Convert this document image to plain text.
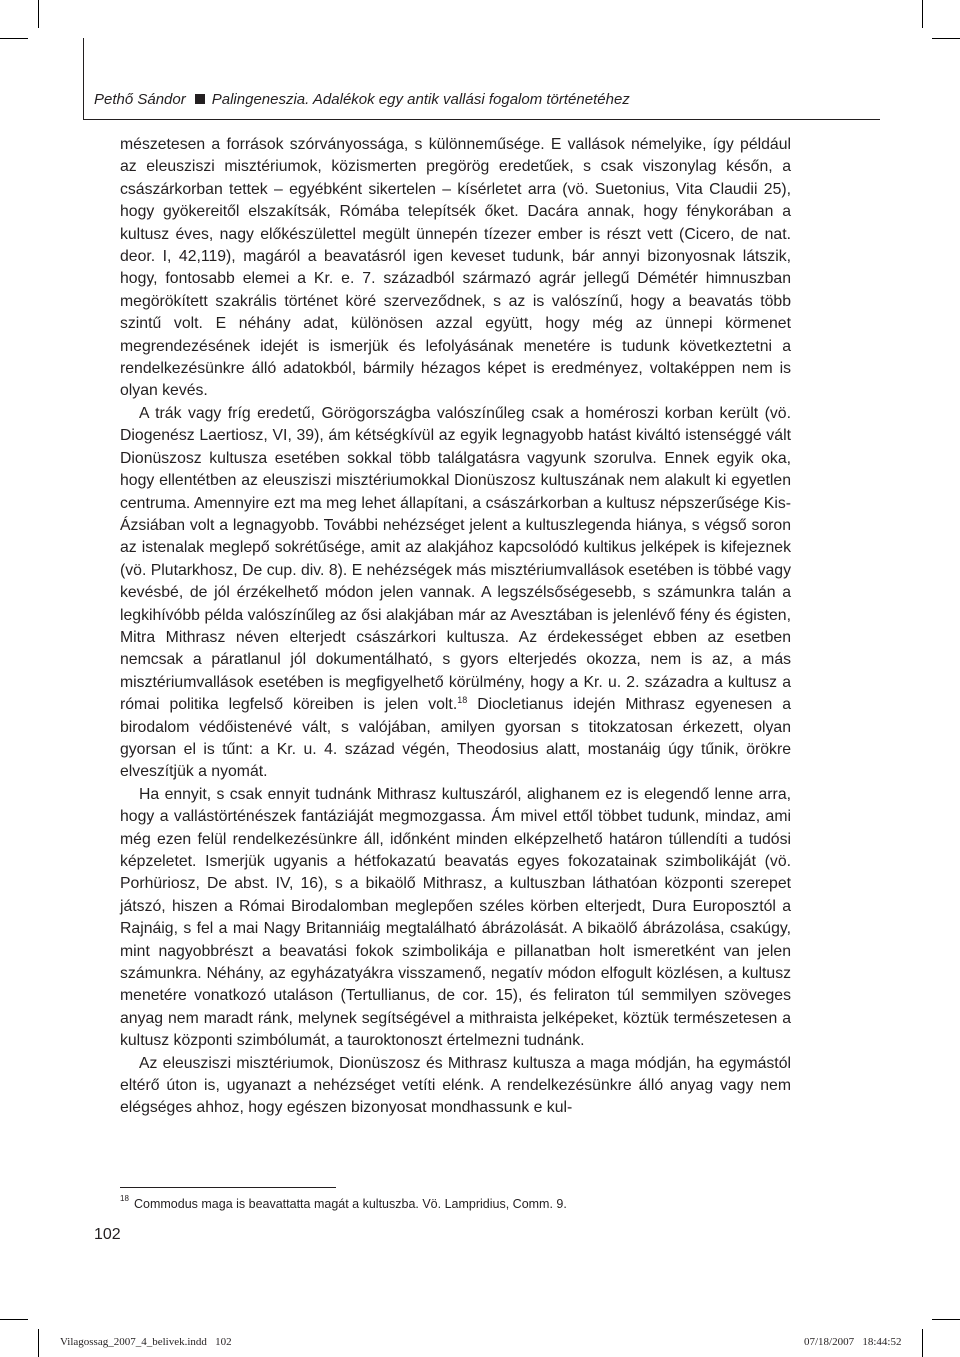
Pethő Sándor Palingeneszia. Adalékok egy antik vallási fogalom történetéhez

mészetesen a források szórványossága, s különneműsége. E vallások némelyike, így például az eleusziszi misztériumok, közismerten pregörög eredetűek, s csak viszonylag későn, a császárkorban tettek – egyébként sikertelen – kísérletet arra (vö. Suetonius, Vita Claudii 25), hogy gyökereitől elszakítsák, Rómába telepítsék őket. Dacára annak, hogy fénykorában a kultusz éves, nagy előkészülettel megült ünnepén tízezer ember is részt vett (Cicero, de nat. deor. I, 42,119), magáról a beavatásról igen keveset tudunk, bár annyi bizonyosnak látszik, hogy, fontosabb elemei a Kr. e. 7. századból származó agrár jellegű Démétér himnuszban megörökített szakrális történet köré szerveződnek, s az is valószínű, hogy a beavatás több szintű volt. E néhány adat, különösen azzal együtt, hogy még az ünnepi körmenet megrendezésének idejét is ismerjük és lefolyásának menetére is tudunk következtetni a rendelkezésünkre álló adatokból, bármily hézagos képet is eredményez, voltaképpen nem is olyan kevés.

A trák vagy fríg eredetű, Görögországba valószínűleg csak a homéroszi korban került (vö. Diogenész Laertiosz, VI, 39), ám kétségkívül az egyik legnagyobb hatást kiváltó istenséggé vált Dionüszosz kultusza esetében sokkal több találgatásra vagyunk szorulva. Ennek egyik oka, hogy ellentétben az eleusziszi misztériumokkal Dionüszosz kultuszának nem alakult ki egyetlen centruma. Amennyire ezt ma meg lehet állapítani, a császárkorban a kultusz népszerűsége Kis-Ázsiában volt a legnagyobb. További nehézséget jelent a kultuszlegenda hiánya, s végső soron az istenalak meglepő sokrétűsége, amit az alakjához kapcsolódó kultikus jelképek is kifejeznek (vö. Plutarkhosz, De cup. div. 8). E nehézségek más misztériumvallások esetében is többé vagy kevésbé, de jól érzékelhető módon jelen vannak. A legszélsőségesebb, s számunkra talán a legkihívóbb példa valószínűleg az ősi alakjában már az Avesztában is jelenlévő fény és égisten, Mitra Mithrasz néven elterjedt császárkori kultusza. Az érdekességet ebben az esetben nemcsak a páratlanul jól dokumentálható, s gyors elterjedés okozza, nem is az, a más misztériumvallások esetében is megfigyelhető körülmény, hogy a Kr. u. 2. századra a kultusz a római politika legfelső köreiben is jelen volt.$^{18}$ Diocletianus idején Mithrasz egyenesen a birodalom védőistenévé vált, s valójában, amilyen gyorsan s titokzatosan érkezett, olyan gyorsan el is tűnt: a Kr. u. 4. század végén, Theodosius alatt, mostanáig úgy tűnik, örökre elveszítjük a nyomát.

Ha ennyit, s csak ennyit tudnánk Mithrasz kultuszáról, alighanem ez is elegendő lenne arra, hogy a vallástörténészek fantáziáját megmozgassa. Ám mivel ettől többet tudunk, mindaz, ami még ezen felül rendelkezésünkre áll, időnként minden elképzelhető határon túllendíti a tudósi képzeletet. Ismerjük ugyanis a hétfokazatú beavatás egyes fokozatainak szimbolikáját (vö. Porhüriosz, De abst. IV, 16), s a bikaölő Mithrasz, a kultuszban láthatóan központi szerepet játszó, hiszen a Római Birodalomban meglepően széles körben elterjedt, Dura Europosztól a Rajnáig, s fel a mai Nagy Britanniáig megtalálható ábrázolását. A bikaölő ábrázolása, csakúgy, mint nagyobbrészt a beavatási fokok szimbolikája e pillanatban holt ismeretként van jelen számunkra. Néhány, az egyházatyákra visszamenő, negatív módon elfogult közlésen, a kultusz menetére vonatkozó utaláson (Tertullianus, de cor. 15), és feliraton túl semmilyen szöveges anyag nem maradt ránk, melynek segítségével a mithraista jelképeket, köztük természetesen a kultusz központi szimbólumát, a tauroktonoszt értelmezni tudnánk.

Az eleusziszi misztériumok, Dionüszosz és Mithrasz kultusza a maga módján, ha egymástól eltérő úton is, ugyanazt a nehézséget vetíti elénk. A rendelkezésünkre álló anyag vagy nem elégséges ahhoz, hogy egészen bizonyosat mondhassunk e kul-

18 Commodus maga is beavattatta magát a kultuszba. Vö. Lampridius, Comm. 9.
102
Vilagossag_2007_4_belivek.indd   102	07/18/2007   18:44:52
